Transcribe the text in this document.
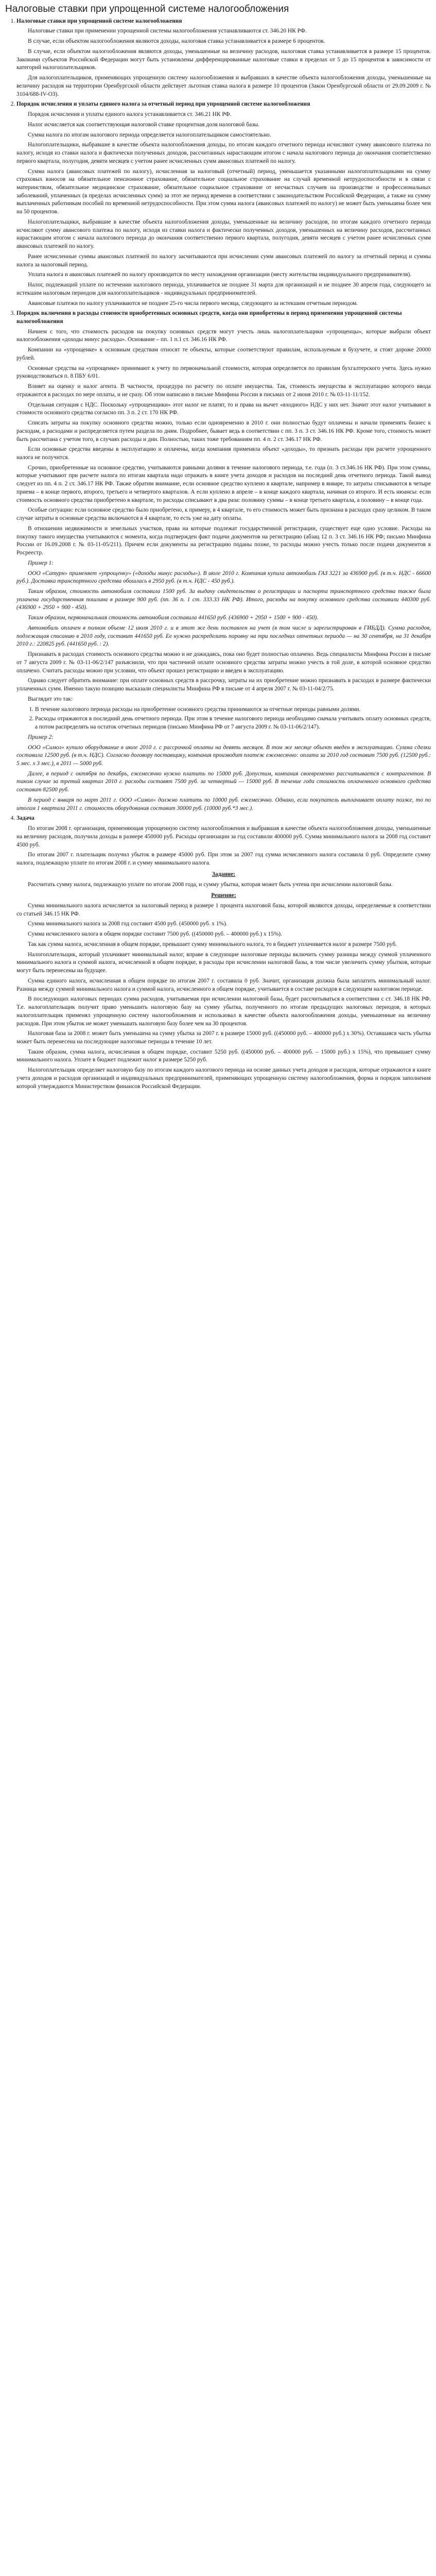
Налоговые ставки при упрощенной системе налогообложения
1. Налоговые ставки при упрощенной системе налогообложения

Налоговые ставки при применении упрощенной системы налогообложения устанавливаются ст. 346.20 НК РФ.

В случае, если объектом налогообложения являются доходы, налоговая ставка устанавливается в размере 6 процентов.

В случае, если объектом налогообложения являются доходы, уменьшенные на величину расходов, налоговая ставка устанавливается в размере 15 процентов. Законами субъектов Российской Федерации могут быть установлены дифференцированные налоговые ставки в пределах от 5 до 15 процентов в зависимости от категорий налогоплательщиков.

Для налогоплательщиков, применяющих упрощенную систему налогообложения и выбравших в качестве объекта налогообложения доходы, уменьшенные на величину расходов на территории Оренбургской области действует льготная ставка налога в размере 10 процентов (Закон Оренбургской области от 29.09.2009 г. № 3104/688-IV-ОЗ).

2. Порядок исчисления и уплаты единого налога за отчетный период при упрощенной системе налогообложения

Порядок исчисления и уплаты единого налога устанавливается ст. 346.21 НК РФ.

Налог исчисляется как соответствующая налоговой ставке процентная доля налоговой базы.

Сумма налога по итогам налогового периода определяется налогоплательщиком самостоятельно.

Налогоплательщики, выбравшие в качестве объекта налогообложения доходы, по итогам каждого отчетного периода исчисляют сумму авансового платежа по налогу, исходя из ставки налога и фактически полученных доходов, рассчитанных нарастающим итогом с начала налогового периода до окончания соответственно первого квартала, полугодия, девяти месяцев с учетом ранее исчисленных сумм авансовых платежей по налогу.

Сумма налога (авансовых платежей по налогу), исчисленная за налоговый (отчетный) период, уменьшается указанными налогоплательщиками на сумму страховых взносов на обязательное пенсионное страхование, обязательное социальное страхование на случай временной нетрудоспособности и в связи с материнством, обязательное медицинское страхование, обязательное социальное страхование от несчастных случаев на производстве и профессиональных заболеваний, уплаченных (в пределах исчисленных сумм) за этот же период времени в соответствии с законодательством Российской Федерации, а также на сумму выплаченных работникам пособий по временной нетрудоспособности. При этом сумма налога (авансовых платежей по налогу) не может быть уменьшена более чем на 50 процентов.

Налогоплательщики, выбравшие в качестве объекта налогообложения доходы, уменьшенные на величину расходов, по итогам каждого отчетного периода исчисляют сумму авансового платежа по налогу, исходя из ставки налога и фактически полученных доходов, уменьшенных на величину расходов, рассчитанных нарастающим итогом с начала налогового периода до окончания соответственно первого квартала, полугодия, девяти месяцев с учетом ранее исчисленных сумм авансовых платежей по налогу.

Ранее исчисленные суммы авансовых платежей по налогу засчитываются при исчислении сумм авансовых платежей по налогу за отчетный период и суммы налога за налоговый период.

Уплата налога и авансовых платежей по налогу производится по месту нахождения организации (месту жительства индивидуального предпринимателя).

Налог, подлежащий уплате по истечении налогового периода, уплачивается не позднее 31 марта для организаций и не позднее 30 апреля года, следующего за истекшим налоговым периодом для налогоплательщиков - индивидуальных предпринимателей.

Авансовые платежи по налогу уплачиваются не позднее 25-го числа первого месяца, следующего за истекшим отчетным периодом.

3. Порядок включения в расходы стоимости приобретенных основных средств, когда они приобретены в период применения упрощенной системы налогообложения

Начнем с того, что стоимость расходов на покупку основных средств могут учесть лишь налогоплательщики «упрощенцы», которые выбрали объект налогообложения «доходы минус расходы». Основание – пп. 1 п.1 ст. 346.16 НК РФ.

Компании на «упрощенке» к основным средствам относят те объекты, которые соответствуют правилам, используемым в бухучете, и стоят дороже 20000 рублей.

Основные средства на «упрощенке» принимают к учету по первоначальной стоимости, которая определяется по правилам бухгалтерского учета. Здесь нужно руководствоваться п. 8 ПБУ 6/01.

Влияет на оценку и налог агента. В частности, процедура по расчету по оплате имущества. Так, стоимость имущества в эксплуатацию которого ввода отражаются в расходах по мере оплаты, и не сразу. Об этом написано в письме Минфина России в письмах от 2 июня 2010 г. № 03-11-11/152.

Отдельная ситуация с НДС. Поскольку «упрощенщики» этот налог не платят, то и права на вычет «входного» НДС у них нет. Значит этот налог учитывают в стоимости основного средства согласно пп. 3 п. 2 ст. 170 НК РФ.

Списать затраты на покупку основного средства можно, только если одновременно в 2010 г. они полностью будут оплачены и начали применять бизнес к расходам, а расходами и распределяется путем раздела по дням. Подробнее, бывает ведь в соответствии с пп. 3 п. 3 ст. 346.16 НК РФ. Кроме того, стоимость может быть рассчитана с учетом того, в случаях расходы и дни. Полностью, таких тоже требованиям пп. 4 п. 2 ст. 346.17 НК РФ.

Если основные средства введены в эксплуатацию и оплачены, когда компания применяла объект «доходы», то признать расходы при расчете упрощенного налога не получится.

Срочно, приобретенные на основное средство, учитываются равными долями в течение налогового периода, т.е. года (п. 3 ст.346.16 НК РФ). При этом суммы, которые учитывают при расчете налога по итогам квартала надо отражать в книге учета доходов и расходов на последний день отчетного периода. Такой вывод следует из пп. 4 п. 2 ст. 346.17 НК РФ. Также обратим внимание, если основное средство куплено в квартале, например в январе, то затраты списываются в четыре приема – в конце первого, второго, третьего и четвертого кварталов. А если куплено в апреле – в конце каждого квартала, начиная со второго. И есть нюансы: если стоимость основного средства приобретено в квартале, то расходы списывают в два раза: половину суммы – в конце третьего квартала, а половину – в конце года.

Особые ситуации: если основное средство было приобретено, к примеру, в 4 квартале, то его стоимость может быть признана в расходах сразу целиком. В таком случае затраты в основные средства включаются в 4 квартале, то есть уже на дату оплаты.

В отношении недвижимости и земельных участков, права на которые подлежат государственной регистрации, существует еще одно условие. Расходы на покупку такого имущества учитываются с момента, когда подтвержден факт подачи документов на регистрацию (абзац 12 п. 3 ст. 346.16 НК РФ; письмо Минфина России от 16.09.2008 г. № 03-11-05/211). Причем если документы на регистрацию поданы позже, то расходы можно учесть только после подачи документов в Росреестр.

Пример 1:

ООО «Сатурн» применяет «упрощенку» («доходы минус расходы»). В июле 2010 г. Компания купила автомобиль ГАЗ 3221 за 436900 руб. (в т.ч. НДС - 66600 руб.). Доставка транспортного средства обошлась в 2950 руб. (в т.ч. НДС - 450 руб.).

Таким образом, стоимость автомобиля составила 1500 руб. За выдачу свидетельства о регистрации и паспорта транспортного средства также была уплачена государственная пошлина в размере 900 руб. (пп. 36 п. 1 ст. 333.33 НК РФ). Итого, расходы на покупку основного средства составили 440300 руб. (436900 + 2950 + 900 - 450).

Таким образом, первоначальная стоимость автомобиля составила 441650 руб. (436900 + 2950 + 1500 + 900 - 450).

Автомобиль оплачен в полном объеме 12 июля 2010 г. и в этот же день поставлен на учет (в том числе и зарегистрирован в ГИБДД). Сумма расходов, подлежащая списанию в 2010 году, составит 441650 руб. Ее нужно распределить поровну на три последних отчетных периода — на 30 сентября, на 31 декабря 2010 г.: 220825 руб. (441650 руб. : 2).

Признавать в расходах стоимость основного средства можно и не дожидаясь, пока оно будет полностью оплачено. Ведь специалисты Минфина России в письме от 7 августа 2009 г. № 03-11-06/2/147 разъяснили, что при частичной оплате основного средства затраты можно учесть в той доле, в которой основное средство оплачено. Считать расходы можно при условии, что объект прошел регистрацию и введен в эксплуатацию.

Однако следует обратить внимание: при оплате основных средств в рассрочку, затраты на их приобретение можно признавать в расходах в размере фактически уплаченных сумм. Именно такую позицию высказали специалисты Минфина РФ в письме от 4 апреля 2007 г. № 03-11-04/2/75.

Выглядит это так:

1. В течение налогового периода расходы на приобретение основного средства принимаются за отчетные периоды равными долями.
2. Расходы отражаются в последний день отчетного периода. При этом в течение налогового периода необходимо сначала учитывать оплату основных средств, а потом распределять на остаток отчетных периодов (письмо Минфина РФ от 7 августа 2009 г. № 03-11-06/2/147).

Пример 2:

ООО «Симол» купило оборудование в июле 2010 г. с рассрочкой оплаты на девять месяцев. В том же месяце объект введен в эксплуатацию. Сумма сделки составила 12500 руб. (в т.ч. НДС). Согласно договору поставщику, компания производит платеж ежемесячно: оплата за 2010 год составит 7500 руб. (12500 руб.: 5 мес. x 3 мес.), в 2011 — 5000 руб.

Далее, в период с октября по декабрь, ежемесячно нужно платить по 15000 руб. Допустим, компания своевременно рассчитывается с контрагентом. В таком случае за третий квартал 2010 г. расходы составят 7500 руб. за четвертый — 15000 руб. В течение года стоимость оплаченного основного средства составит 82500 руб.

В период с января по март 2011 г. ООО «Симол» должно платить по 10000 руб. ежемесячно. Однако, если покупатель выплачивает оплату позже, то по итогам 1 квартала 2011 г. стоимость оборудования составит 30000 руб. (10000 руб.*3 мес.).

4. Задача

По итогам 2008 г. организация, применяющая упрощенную систему налогообложения и выбравшая в качестве объекта налогообложения доходы, уменьшенные на величину расходов, получила доходы в размере 450000 руб. Расходы организации за год составили 400000 руб. Сумма минимального налога за 2008 год составит 4500 руб.

По итогам 2007 г. плательщик получил убыток в размере 45000 руб. При этом за 2007 год сумма исчисленного налога составила 0 руб. Определите сумму налога, подлежащую уплате по итогам 2008 г. и сумму минимального налога.

Задание:

Рассчитать сумму налога, подлежащую уплате по итогам 2008 года, и сумму убытка, которая может быть учтена при исчислении налоговой базы.

Решение:

Сумма минимального налога исчисляется за налоговый период в размере 1 процента налоговой базы, которой являются доходы, определяемые в соответствии со статьей 346.15 НК РФ.

Сумма минимального налога за 2008 год составит 4500 руб. (450000 руб. х 1%).

Сумма исчисленного налога в общем порядке составит 7500 руб. ((450000 руб. – 400000 руб.) х 15%).

Так как сумма налога, исчисленная в общем порядке, превышает сумму минимального налога, то в бюджет уплачивается налог в размере 7500 руб.

Налогоплательщик, который уплачивает минимальный налог, вправе в следующие налоговые периоды включить сумму разницы между суммой уплаченного минимального налога и суммой налога, исчисленной в общем порядке, в расходы при исчислении налоговой базы, в том числе увеличить сумму убытков, которые могут быть перенесены на будущее.

Сумма единого налога, исчисленная в общем порядке по итогам 2007 г. составила 0 руб. Значит, организация должна была заплатить минимальный налог. Разница между суммой минимального налога и суммой налога, исчисленного в общем порядке, учитывается в составе расходов в следующем налоговом периоде.

В последующих налоговых периодах сумма расходов, учитываемая при исчислении налоговой базы, будет рассчитываться в соответствии с ст. 346.18 НК РФ. Т.е. налогоплательщик получит право уменьшить налоговую базу на сумму убытка, полученного по итогам предыдущих налоговых периодов, в которых налогоплательщик применял упрощенную систему налогообложения и использовал в качестве объекта налогообложения доходы, уменьшенные на величину расходов. При этом убыток не может уменьшать налоговую базу более чем на 30 процентов.

Налоговая база за 2008 г. может быть уменьшена на сумму убытка за 2007 г. в размере 15000 руб. ((450000 руб. – 400000 руб.) х 30%). Оставшаяся часть убытка может быть перенесена на последующие налоговые периоды в течение 10 лет.

Таким образом, сумма налога, исчисленная в общем порядке, составит 5250 руб. ((450000 руб. – 400000 руб. – 15000 руб.) х 15%), что превышает сумму минимального налога. Уплате в бюджет подлежит налог в размере 5250 руб.

Налогоплательщик определяет налоговую базу по итогам каждого налогового периода на основе данных учета доходов и расходов, которые отражаются в книге учета доходов и расходов организаций и индивидуальных предпринимателей, применяющих упрощенную систему налогообложения, форма и порядок заполнения которой утверждаются Министерством финансов Российской Федерации.
